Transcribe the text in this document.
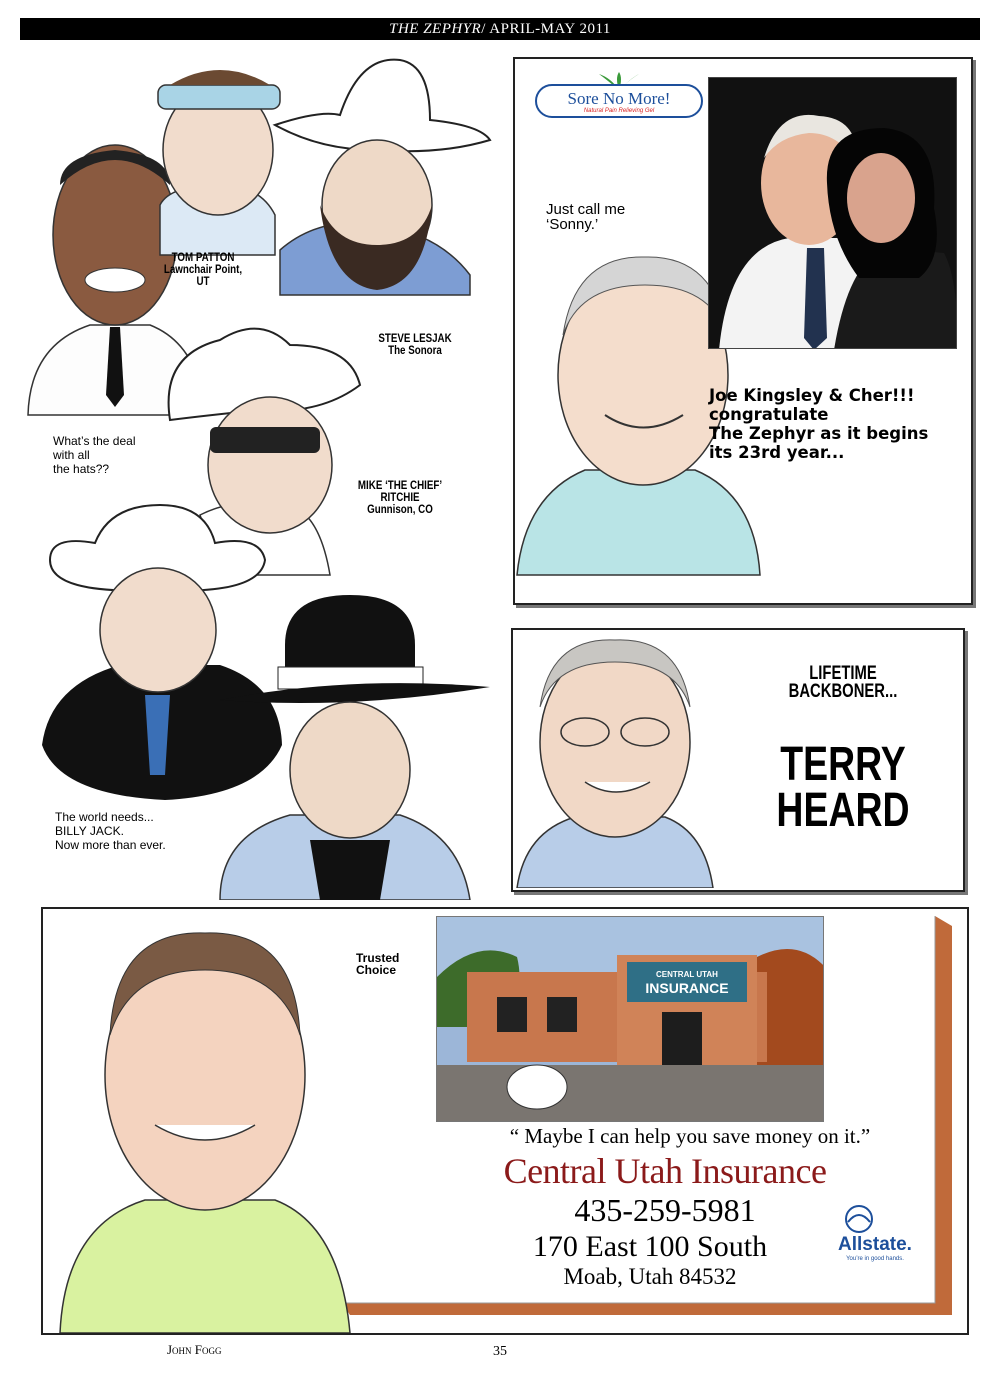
THE ZEPHYR/ APRIL-MAY 2011
TOM PATTON
Lawnchair Point,
UT
STEVE LESJAK
The Sonora
What’s the deal
with all
the hats??
MIKE ‘THE CHIEF’
RITCHIE
Gunnison, CO
The world needs...
BILLY JACK.
Now more than ever.
Sore No More!
Natural Pain Relieving Gel
Just call me
‘Sonny.’
Joe Kingsley & Cher!!!
congratulate
The Zephyr as it begins
its 23rd year...
LIFETIME
BACKBONER...
TERRY
HEARD
Trusted
Choice	CENTRAL UTAH
INSURANCE
“ Maybe I can help you save money on it.”
Central Utah Insurance
435-259-5981
170 East 100 South
Moab, Utah 84532
Allstate.
You’re in good hands.
John Fogg	35
